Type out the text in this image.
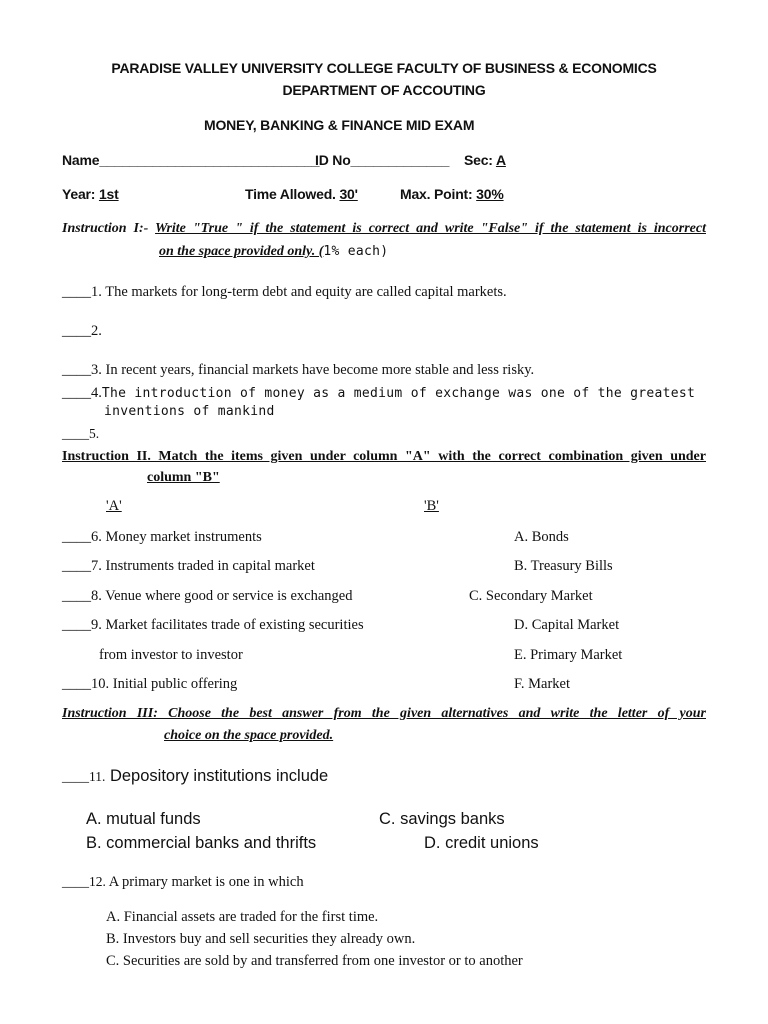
PARADISE VALLEY UNIVERSITY COLLEGE FACULTY OF BUSINESS & ECONOMICS
DEPARTMENT OF ACCOUTING
MONEY, BANKING & FINANCE MID EXAM
Name_____________________________
ID No_____________ Sec: A
Year: 1st	Time Allowed. 30'	Max. Point: 30%
Instruction I:- Write "True " if the statement is correct and write "False" if the statement is incorrect
on the space provided only. (1% each)
____1. The markets for long-term debt and equity are called capital markets.
____2.
____3. In recent years, financial markets have become more stable and less risky.
____4.The introduction of money as a medium of exchange was one of the greatest
inventions of mankind
____5.
Instruction II. Match the items given under column "A" with the correct combination given under
column "B"
'A'	'B'
____6. Money market instruments	A. Bonds
____7. Instruments traded in capital market	B. Treasury Bills
____8. Venue where good or service is exchanged	C. Secondary Market
____9. Market facilitates trade of existing securities	D. Capital Market
from investor to investor	E. Primary Market
____10. Initial public offering	F. Market
Instruction III: Choose the best answer from the given alternatives and write the letter of your
choice on the space provided.
____11. Depository institutions include
A. mutual funds	C. savings banks
B. commercial banks and thrifts	D. credit unions
____12. A primary market is one in which
A. Financial assets are traded for the first time.
B. Investors buy and sell securities they already own.
C. Securities are sold by and transferred from one investor or to another
